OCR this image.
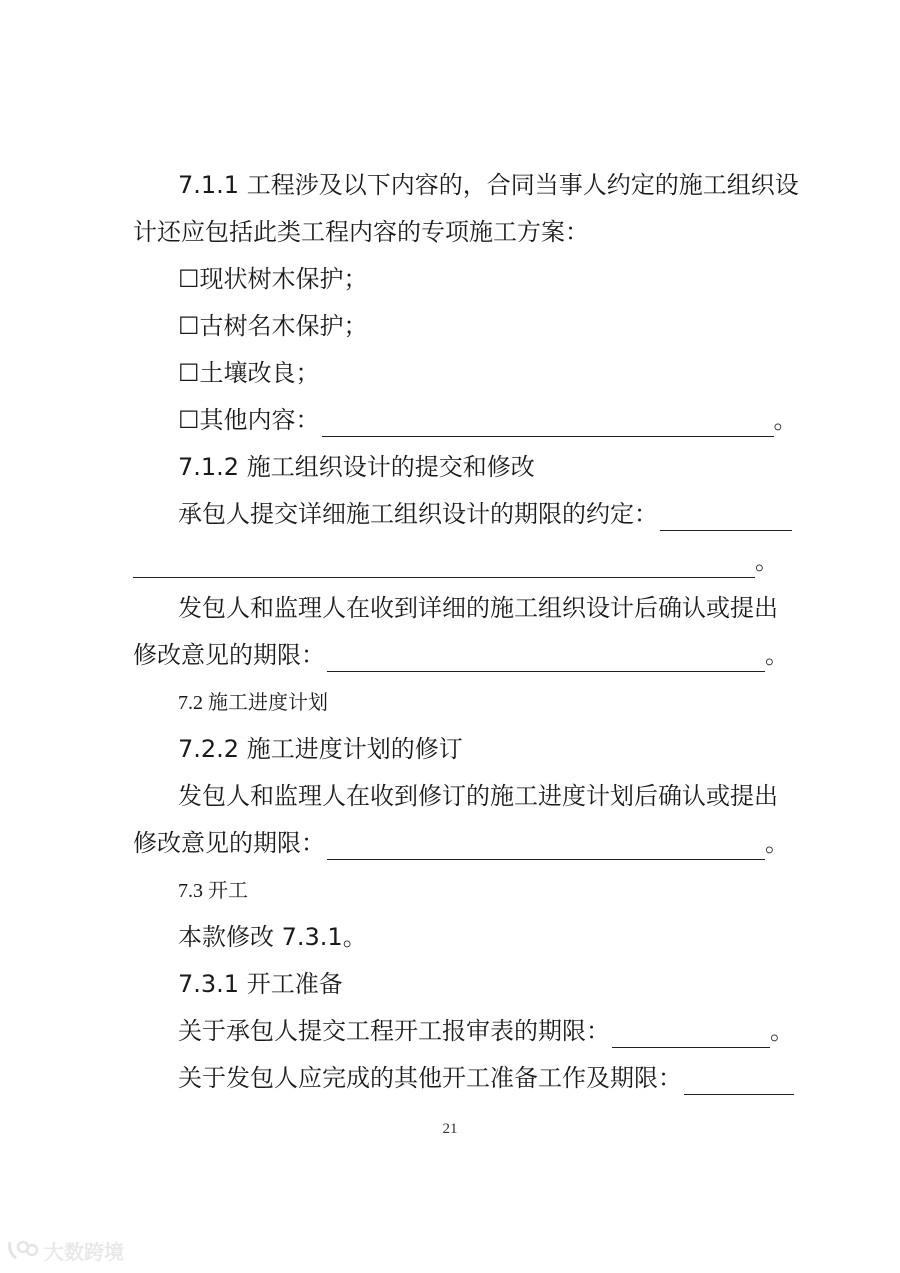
7.1.1 工程涉及以下内容的，合同当事人约定的施工组织设
计还应包括此类工程内容的专项施工方案：
☐现状树木保护；
☐古树名木保护；
☐土壤改良；
☐其他内容：	。
7.1.2 施工组织设计的提交和修改
承包人提交详细施工组织设计的期限的约定：
。
发包人和监理人在收到详细的施工组织设计后确认或提出
修改意见的期限：	。
7.2 施工进度计划
7.2.2 施工进度计划的修订
发包人和监理人在收到修订的施工进度计划后确认或提出
修改意见的期限：	。
7.3 开工
本款修改 7.3.1。
7.3.1 开工准备
关于承包人提交工程开工报审表的期限：	。
关于发包人应完成的其他开工准备工作及期限：
21
大数跨境
